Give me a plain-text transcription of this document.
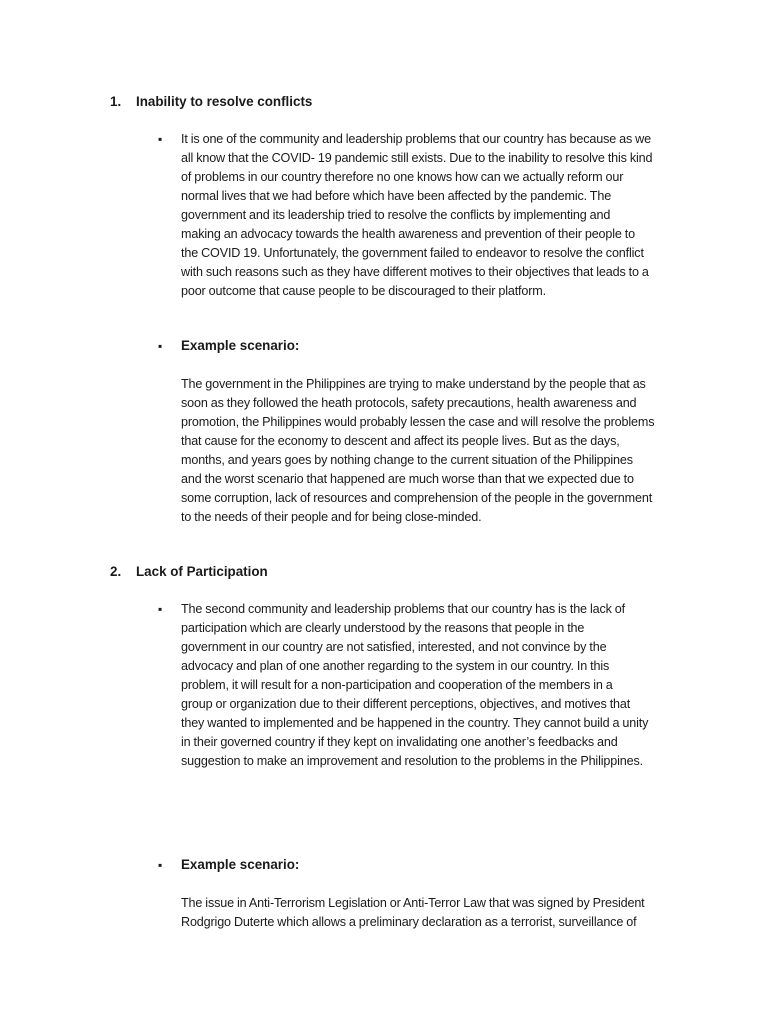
1. Inability to resolve conflicts
▪ It is one of the community and leadership problems that our country has because as we
all know that the COVID- 19 pandemic still exists. Due to the inability to resolve this kind
of problems in our country therefore no one knows how can we actually reform our
normal lives that we had before which have been affected by the pandemic. The
government and its leadership tried to resolve the conflicts by implementing and
making an advocacy towards the health awareness and prevention of their people to
the COVID 19. Unfortunately, the government failed to endeavor to resolve the conflict
with such reasons such as they have different motives to their objectives that leads to a
poor outcome that cause people to be discouraged to their platform.
▪ Example scenario:
The government in the Philippines are trying to make understand by the people that as
soon as they followed the heath protocols, safety precautions, health awareness and
promotion, the Philippines would probably lessen the case and will resolve the problems
that cause for the economy to descent and affect its people lives. But as the days,
months, and years goes by nothing change to the current situation of the Philippines
and the worst scenario that happened are much worse than that we expected due to
some corruption, lack of resources and comprehension of the people in the government
to the needs of their people and for being close-minded.
2. Lack of Participation
▪ The second community and leadership problems that our country has is the lack of
participation which are clearly understood by the reasons that people in the
government in our country are not satisfied, interested, and not convince by the
advocacy and plan of one another regarding to the system in our country. In this
problem, it will result for a non-participation and cooperation of the members in a
group or organization due to their different perceptions, objectives, and motives that
they wanted to implemented and be happened in the country. They cannot build a unity
in their governed country if they kept on invalidating one another’s feedbacks and
suggestion to make an improvement and resolution to the problems in the Philippines.
▪ Example scenario:
The issue in Anti-Terrorism Legislation or Anti-Terror Law that was signed by President
Rodgrigo Duterte which allows a preliminary declaration as a terrorist, surveillance of
